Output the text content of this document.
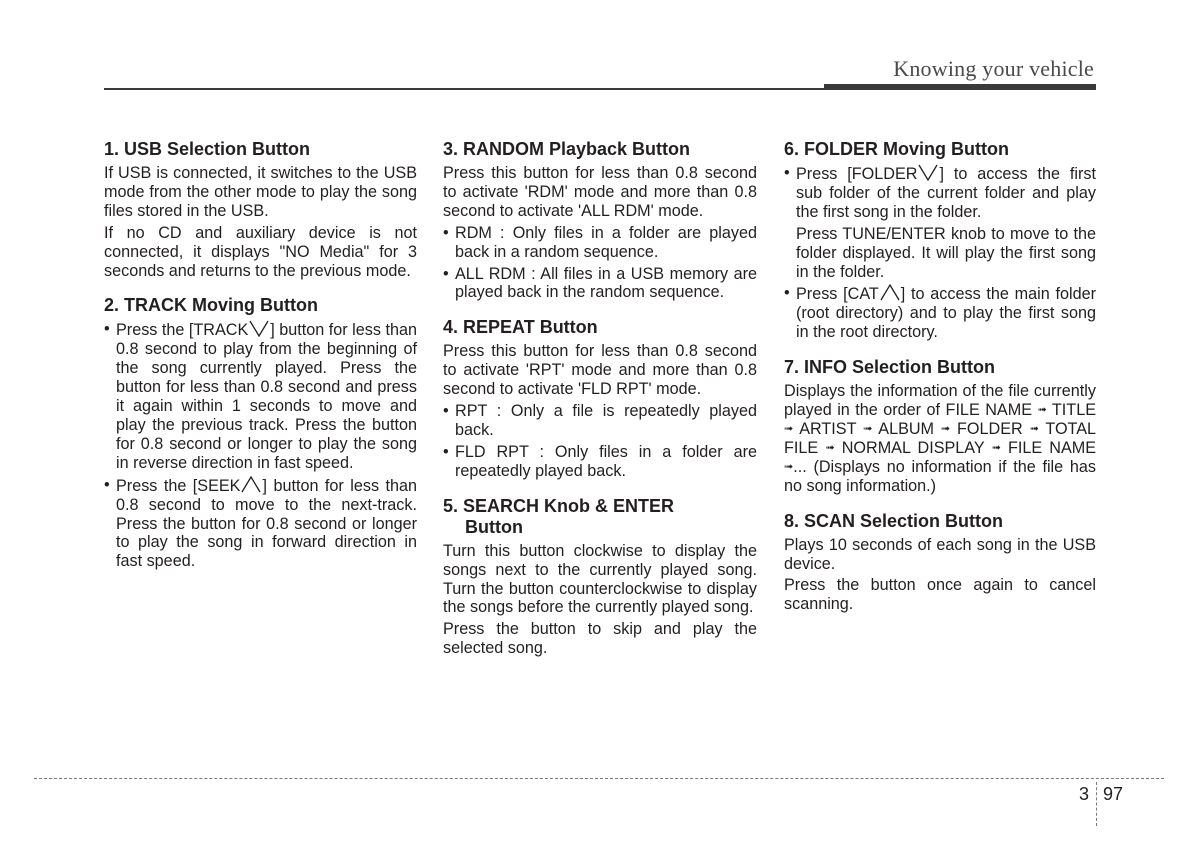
Knowing your vehicle
1. USB Selection Button
If USB is connected, it switches to the USB mode from the other mode to play the song files stored in the USB.
If no CD and auxiliary device is not connected, it displays "NO Media" for 3 seconds and returns to the previous mode.
2. TRACK Moving Button
• Press the [TRACK ] button for less than 0.8 second to play from the beginning of the song currently played. Press the button for less than 0.8 second and press it again within 1 seconds to move and play the previous track. Press the button for 0.8 second or longer to play the song in reverse direction in fast speed.
• Press the [SEEK ] button for less than 0.8 second to move to the next-track. Press the button for 0.8 second or longer to play the song in forward direction in fast speed.
3. RANDOM Playback Button
Press this button for less than 0.8 second to activate 'RDM' mode and more than 0.8 second to activate 'ALL RDM' mode.
• RDM : Only files in a folder are played back in a random sequence.
• ALL RDM : All files in a USB memory are played back in the random sequence.
4. REPEAT Button
Press this button for less than 0.8 second to activate 'RPT' mode and more than 0.8 second to activate 'FLD RPT' mode.
• RPT : Only a file is repeatedly played back.
• FLD RPT : Only files in a folder are repeatedly played back.
5. SEARCH Knob & ENTER
Button
Turn this button clockwise to display the songs next to the currently played song. Turn the button counterclockwise to display the songs before the currently played song.
Press the button to skip and play the selected song.
6. FOLDER Moving Button
• Press [FOLDER ] to access the first sub folder of the current folder and play the first song in the folder.
Press TUNE/ENTER knob to move to the folder displayed. It will play the first song in the folder.
• Press [CAT ] to access the main folder (root directory) and to play the first song in the root directory.
7. INFO Selection Button
Displays the information of the file currently played in the order of FILE NAME ➟ TITLE ➟ ARTIST ➟ ALBUM ➟ FOLDER ➟ TOTAL FILE ➟ NORMAL DISPLAY ➟ FILE NAME ➟... (Displays no information if the file has no song information.)
8. SCAN Selection Button
Plays 10 seconds of each song in the USB device.
Press the button once again to cancel scanning.
3 97
